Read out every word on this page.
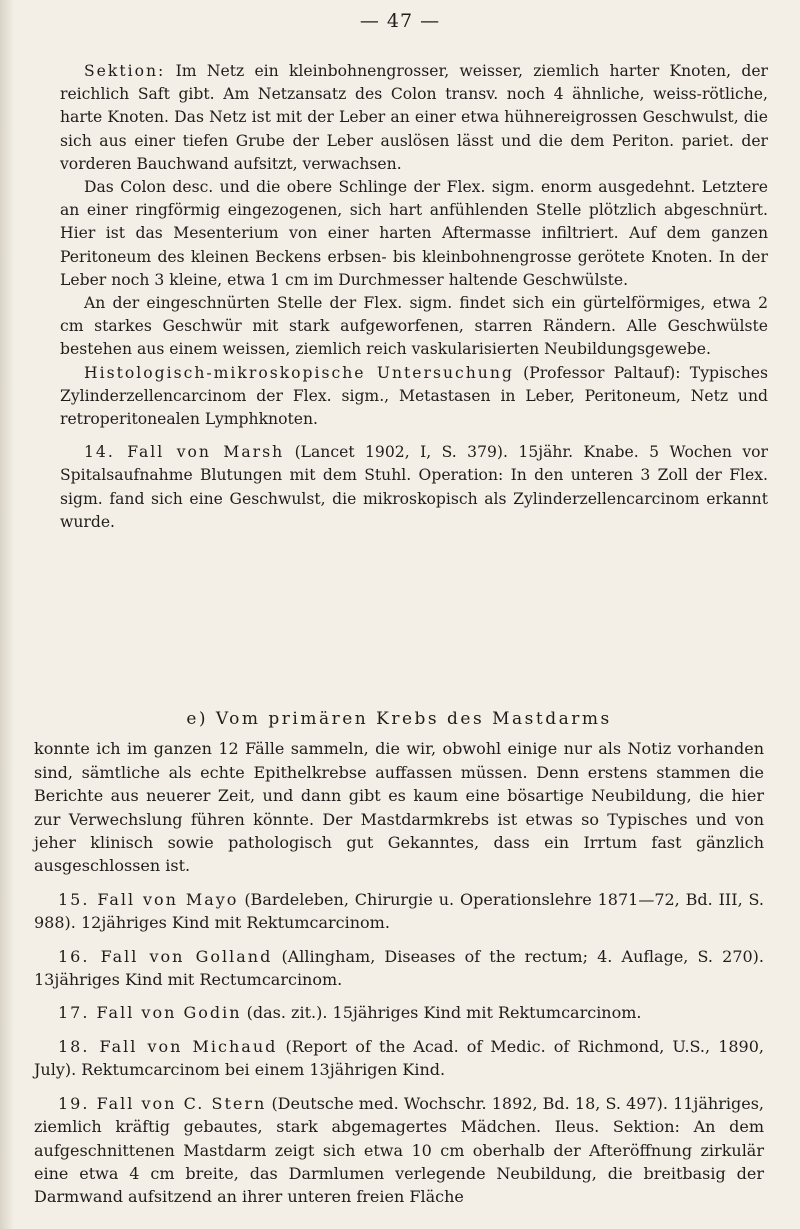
— 47 —

Sektion: Im Netz ein kleinbohnengrosser, weisser, ziemlich harter Knoten, der reichlich Saft gibt. Am Netzansatz des Colon transv. noch 4 ähnliche, weiss-rötliche, harte Knoten. Das Netz ist mit der Leber an einer etwa hühnereigrossen Geschwulst, die sich aus einer tiefen Grube der Leber auslösen lässt und die dem Periton. pariet. der vorderen Bauchwand aufsitzt, verwachsen.

Das Colon desc. und die obere Schlinge der Flex. sigm. enorm ausgedehnt. Letztere an einer ringförmig eingezogenen, sich hart anfühlenden Stelle plötzlich abgeschnürt. Hier ist das Mesenterium von einer harten Aftermasse infiltriert. Auf dem ganzen Peritoneum des kleinen Beckens erbsen- bis kleinbohnengrosse gerötete Knoten. In der Leber noch 3 kleine, etwa 1 cm im Durchmesser haltende Geschwülste.

An der eingeschnürten Stelle der Flex. sigm. findet sich ein gürtelförmiges, etwa 2 cm starkes Geschwür mit stark aufgeworfenen, starren Rändern. Alle Geschwülste bestehen aus einem weissen, ziemlich reich vaskularisierten Neubildungsgewebe.

Histologisch-mikroskopische Untersuchung (Professor Paltauf): Typisches Zylinderzellencarcinom der Flex. sigm., Metastasen in Leber, Peritoneum, Netz und retroperitonealen Lymphknoten.

14. Fall von Marsh (Lancet 1902, I, S. 379). 15jähr. Knabe. 5 Wochen vor Spitalsaufnahme Blutungen mit dem Stuhl. Operation: In den unteren 3 Zoll der Flex. sigm. fand sich eine Geschwulst, die mikroskopisch als Zylinderzellencarcinom erkannt wurde.

e) Vom primären Krebs des Mastdarms

konnte ich im ganzen 12 Fälle sammeln, die wir, obwohl einige nur als Notiz vorhanden sind, sämtliche als echte Epithelkrebse auffassen müssen. Denn erstens stammen die Berichte aus neuerer Zeit, und dann gibt es kaum eine bösartige Neubildung, die hier zur Verwechslung führen könnte. Der Mastdarmkrebs ist etwas so Typisches und von jeher klinisch sowie pathologisch gut Gekanntes, dass ein Irrtum fast gänzlich ausgeschlossen ist.

15. Fall von Mayo (Bardeleben, Chirurgie u. Operationslehre 1871—72, Bd. III, S. 988). 12jähriges Kind mit Rektumcarcinom.

16. Fall von Golland (Allingham, Diseases of the rectum; 4. Auflage, S. 270). 13jähriges Kind mit Rectumcarcinom.

17. Fall von Godin (das. zit.). 15jähriges Kind mit Rektumcarcinom.

18. Fall von Michaud (Report of the Acad. of Medic. of Richmond, U.S., 1890, July). Rektumcarcinom bei einem 13jährigen Kind.

19. Fall von C. Stern (Deutsche med. Wochschr. 1892, Bd. 18, S. 497). 11jähriges, ziemlich kräftig gebautes, stark abgemagertes Mädchen. Ileus. Sektion: An dem aufgeschnittenen Mastdarm zeigt sich etwa 10 cm oberhalb der Afteröffnung zirkulär eine etwa 4 cm breite, das Darmlumen verlegende Neubildung, die breitbasig der Darmwand aufsitzend an ihrer unteren freien Fläche
